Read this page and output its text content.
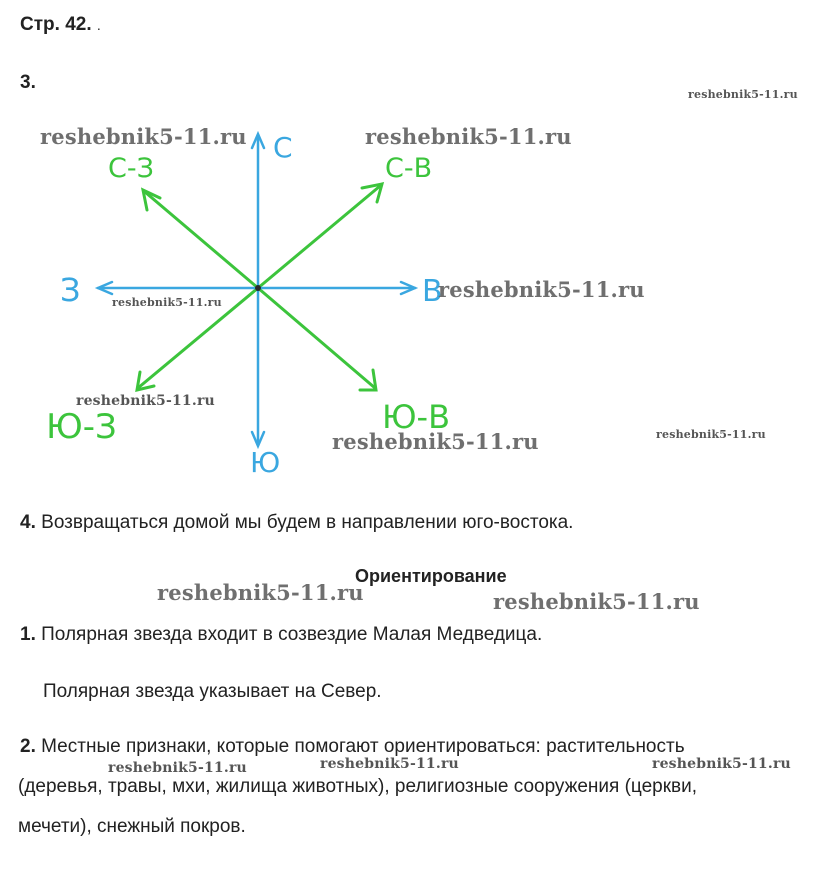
Стр. 42. .
3.
С
Ю
В
З
С-В
С-З
Ю-В
Ю-З
reshebnik5-11.ru
reshebnik5-11.ru	reshebnik5-11.ru
reshebnik5-11.ru
reshebnik5-11.ru
reshebnik5-11.ru
reshebnik5-11.ru	reshebnik5-11.ru
4. Возвращаться домой мы будем в направлении юго-востока.
Ориентирование
reshebnik5-11.ru	reshebnik5-11.ru
1. Полярная звезда входит в созвездие Малая Медведица.
Полярная звезда указывает на Север.
2. Местные признаки, которые помогают ориентироваться: растительность
reshebnik5-11.ru	reshebnik5-11.ru	reshebnik5-11.ru
(деревья, травы, мхи, жилища животных), религиозные сооружения (церкви,
мечети), снежный покров.
